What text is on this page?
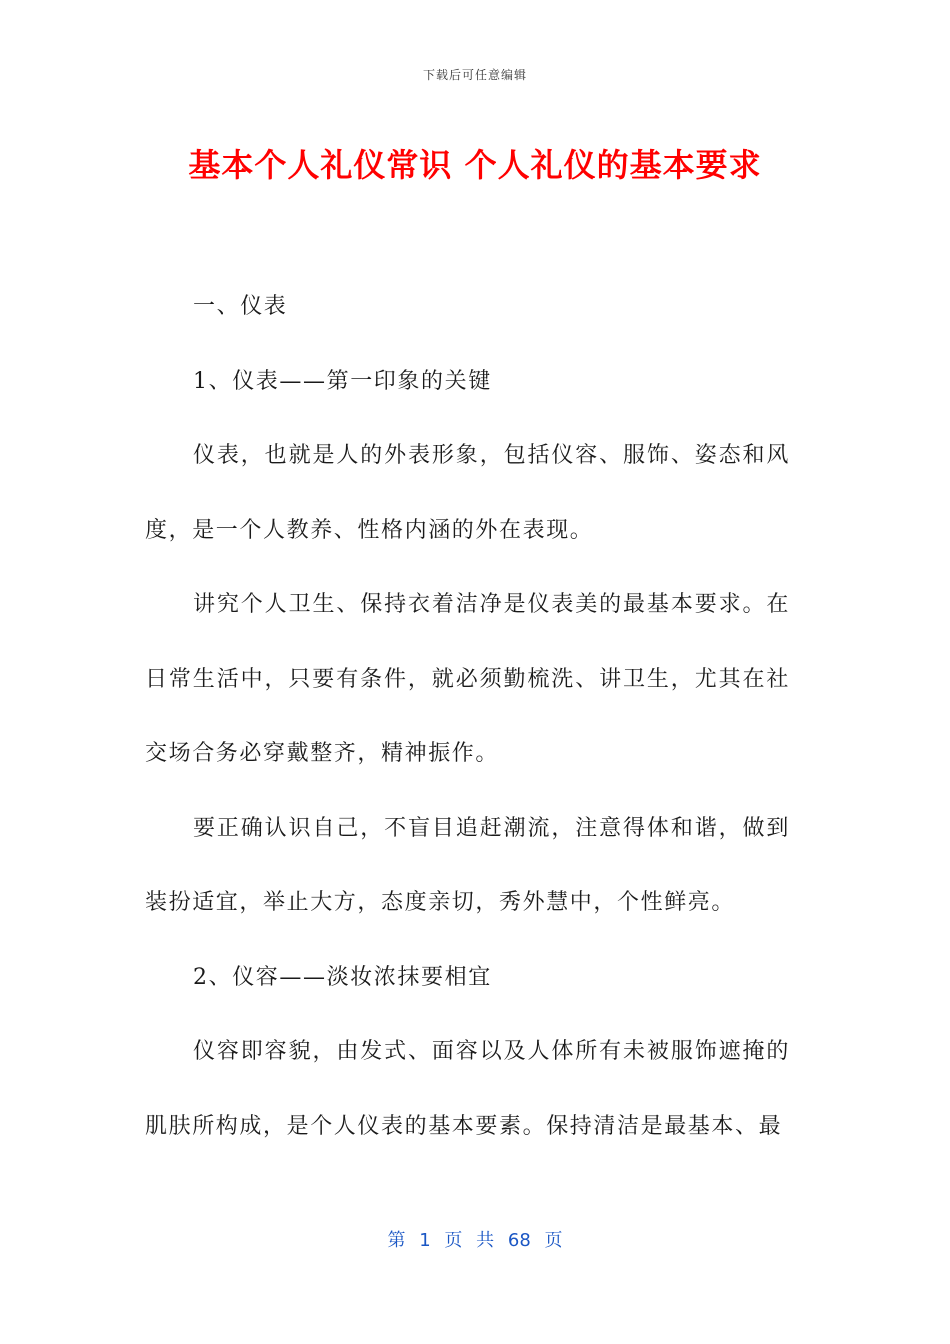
下载后可任意编辑
基本个人礼仪常识 个人礼仪的基本要求

一、仪表

1、仪表——第一印象的关键

仪表，也就是人的外表形象，包括仪容、服饰、姿态和风度，是一个人教养、性格内涵的外在表现。

讲究个人卫生、保持衣着洁净是仪表美的最基本要求。在日常生活中，只要有条件，就必须勤梳洗、讲卫生，尤其在社交场合务必穿戴整齐，精神振作。

要正确认识自己，不盲目追赶潮流，注意得体和谐，做到装扮适宜，举止大方，态度亲切，秀外慧中，个性鲜亮。

2、仪容——淡妆浓抹要相宜

仪容即容貌，由发式、面容以及人体所有未被服饰遮掩的肌肤所构成，是个人仪表的基本要素。保持清洁是最基本、最

第 1 页 共 68 页
